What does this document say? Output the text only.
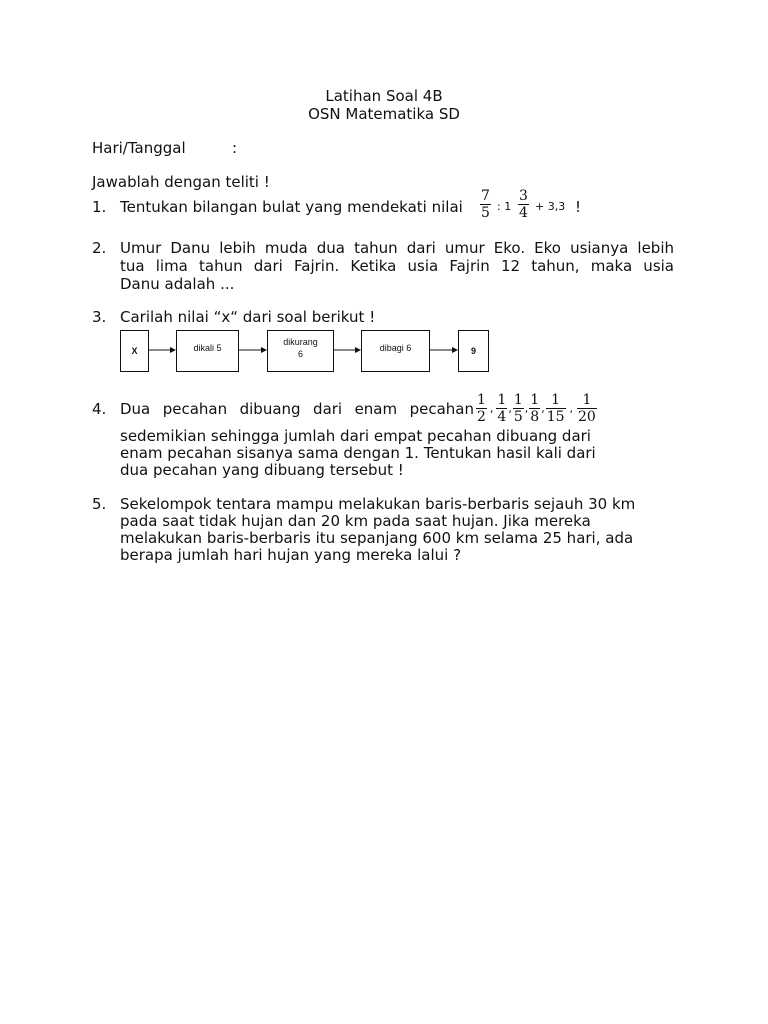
Latihan Soal 4B
OSN Matematika SD
Hari/Tanggal	:
Jawablah dengan teliti !
1. Tentukan bilangan bulat yang mendekati nilai $\frac{7}{5}$ : $1 \frac{3}{4} + 3,3$ !
2. Umur Danu lebih muda dua tahun dari umur Eko. Eko usianya lebih
tua lima tahun dari Fajrin. Ketika usia Fajrin 12 tahun, maka usia
Danu adalah ...
3. Carilah nilai “x“ dari soal berikut !
X	dikali 5
dikurang
6
dibagi 6	9
4. Dua pecahan dibuang dari enam pecahan $\frac{1}{2}$ , $\frac{1}{4}$ , $\frac{1}{5}$ , $\frac{1}{8}$ , $\frac{1}{15}$ , $\frac{1}{20}$
sedemikian sehingga jumlah dari empat pecahan dibuang dari
enam pecahan sisanya sama dengan 1. Tentukan hasil kali dari
dua pecahan yang dibuang tersebut !
5. Sekelompok tentara mampu melakukan baris-berbaris sejauh 30 km
pada saat tidak hujan dan 20 km pada saat hujan. Jika mereka
melakukan baris-berbaris itu sepanjang 600 km selama 25 hari, ada
berapa jumlah hari hujan yang mereka lalui ?
